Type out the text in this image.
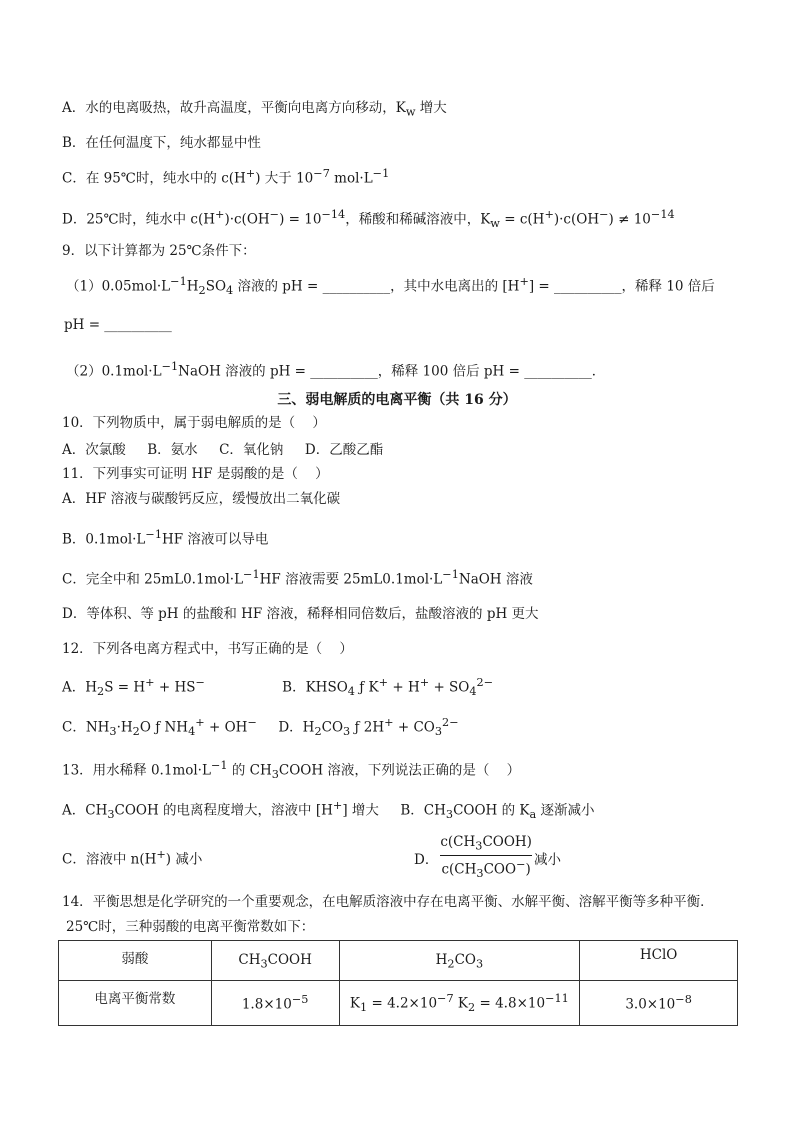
A．水的电离吸热，故升高温度，平衡向电离方向移动，$K_w$ 增大
B．在任何温度下，纯水都显中性
C．在 95℃时，纯水中的 c(H+) 大于 $10^{-7}$ $mol\cdot L^{-1}$
D．25℃时，纯水中 $c(H^+)\cdot c(OH^-) = 10^{-14}$，稀酸和稀碱溶液中，$K_w = c(H^+)\cdot c(OH^-) \ne 10^{-14}$
9．以下计算都为 25℃条件下：
$(1)0.05mol\cdot L^{-1}H_2SO_4$ 溶液的 pH = __________，其中水电离出的 [H+] = __________，稀释 10 倍后
pH = __________
$(2)0.1mol\cdot L^{-1}NaOH$ 溶液的 pH = __________，稀释 100 倍后 pH = __________．
三、弱电解质的电离平衡（共 16 分）
10．下列物质中，属于弱电解质的是（    ）
A．次氯酸     B．氨水     C．氧化钠     D．乙酸乙酯
11．下列事实可证明 HF 是弱酸的是（    ）
A．HF 溶液与碳酸钙反应，缓慢放出二氧化碳
B．$0.1mol\cdot L^{-1}HF$ 溶液可以导电
C．完全中和 $25mL0.1mol\cdot L^{-1}HF$ 溶液需要 $25mL0.1mol\cdot L^{-1}NaOH$ 溶液
D．等体积、等 pH 的盐酸和 HF 溶液，稀释相同倍数后，盐酸溶液的 pH 更大
12．下列各电离方程式中，书写正确的是（    ）
A．$H_2S = H^+ + HS^-$                  B．$KHSO_4$ ƒ $K^+ + H^+ + SO_4^{2-}$
C．$NH_3\cdot H_2O$ ƒ $NH_4^+ + OH^-$     D．$H_2CO_3$ ƒ $2H^+ + CO_3^{2-}$
13．用水稀释 $0.1mol\cdot L^{-1}$ 的 $CH_3COOH$ 溶液，下列说法正确的是（    ）
A．$CH_3COOH$ 的电离程度增大，溶液中 [H+] 增大     B．$CH_3COOH$ 的 $K_a$ 逐渐减小
C．溶液中 n(H+) 减小	D．
$c(CH_3COOH)$
$c(CH_3COO^-)$
减小
14．平衡思想是化学研究的一个重要观念，在电解质溶液中存在电离平衡、水解平衡、溶解平衡等多种平衡．
25℃时，三种弱酸的电离平衡常数如下：
弱酸	$CH_3COOH$	$H_2CO_3$	HClO
电离平衡常数	$1.8\times 10^{-5}$	$K_1 = 4.2\times 10^{-7}$ $K_2 = 4.8\times 10^{-11}$	$3.0\times 10^{-8}$
